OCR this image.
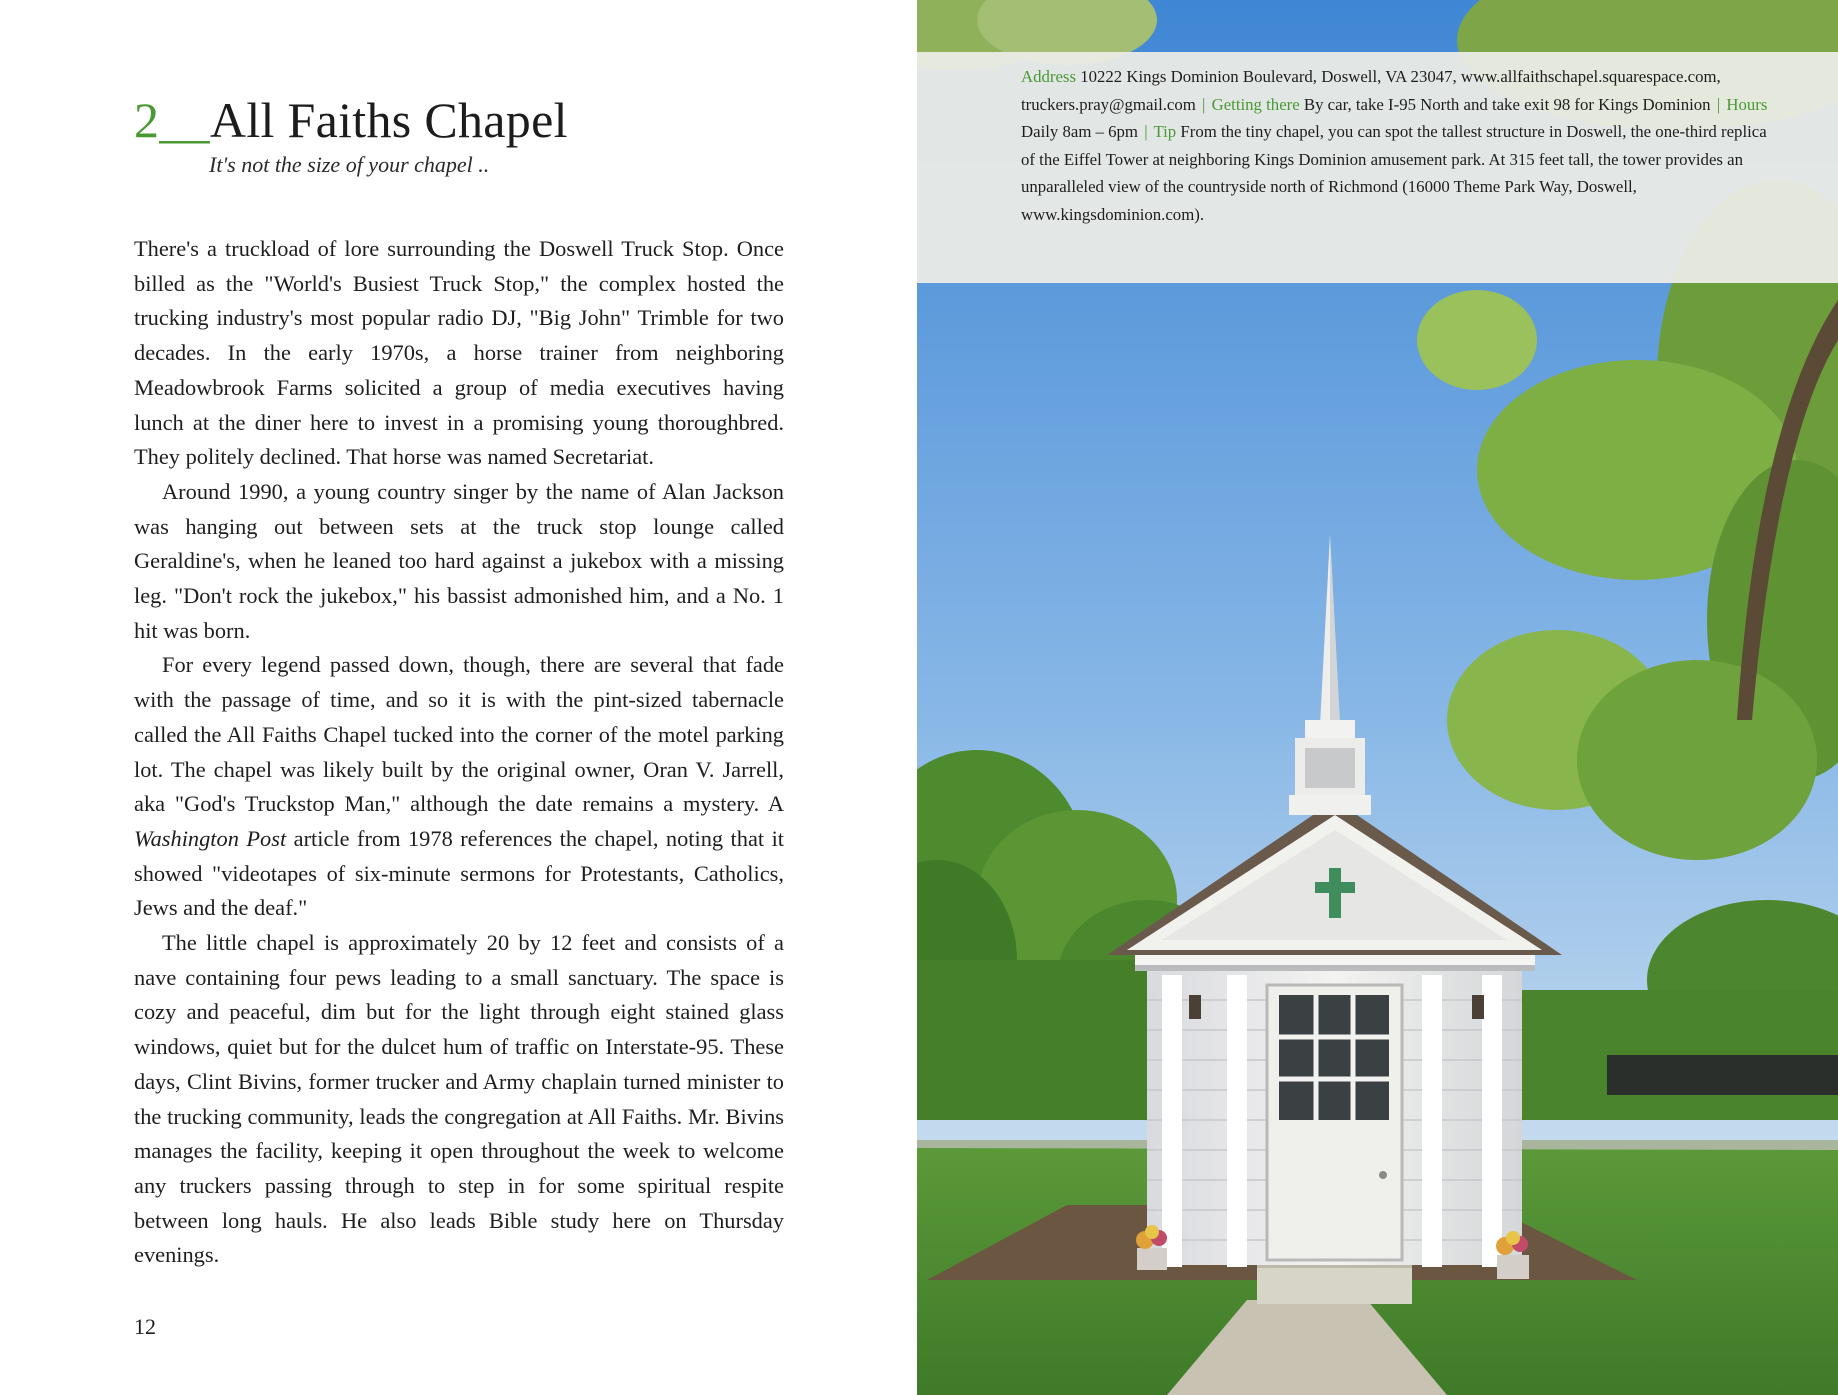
2__All Faiths Chapel
It's not the size of your chapel ..

There's a truckload of lore surrounding the Doswell Truck Stop. Once billed as the "World's Busiest Truck Stop," the complex hosted the trucking industry's most popular radio DJ, "Big John" Trimble for two decades. In the early 1970s, a horse trainer from neighboring Meadowbrook Farms solicited a group of media executives having lunch at the diner here to invest in a promising young thoroughbred. They politely declined. That horse was named Secretariat.

Around 1990, a young country singer by the name of Alan Jackson was hanging out between sets at the truck stop lounge called Geraldine's, when he leaned too hard against a jukebox with a missing leg. "Don't rock the jukebox," his bassist admonished him, and a No. 1 hit was born.

For every legend passed down, though, there are several that fade with the passage of time, and so it is with the pint-sized tabernacle called the All Faiths Chapel tucked into the corner of the motel parking lot. The chapel was likely built by the original owner, Oran V. Jarrell, aka "God's Truckstop Man," although the date remains a mystery. A Washington Post article from 1978 references the chapel, noting that it showed "videotapes of six-minute sermons for Protestants, Catholics, Jews and the deaf."

The little chapel is approximately 20 by 12 feet and consists of a nave containing four pews leading to a small sanctuary. The space is cozy and peaceful, dim but for the light through eight stained glass windows, quiet but for the dulcet hum of traffic on Interstate-95. These days, Clint Bivins, former trucker and Army chaplain turned minister to the trucking community, leads the congregation at All Faiths. Mr. Bivins manages the facility, keeping it open throughout the week to welcome any truckers passing through to step in for some spiritual respite between long hauls. He also leads Bible study here on Thursday evenings.

12
Address 10222 Kings Dominion Boulevard, Doswell, VA 23047, www.allfaithschapel.squarespace.com, truckers.pray@gmail.com | Getting there By car, take I-95 North and take exit 98 for Kings Dominion | Hours Daily 8am – 6pm | Tip From the tiny chapel, you can spot the tallest structure in Doswell, the one-third replica of the Eiffel Tower at neighboring Kings Dominion amusement park. At 315 feet tall, the tower provides an unparalleled view of the countryside north of Richmond (16000 Theme Park Way, Doswell, www.kingsdominion.com).
